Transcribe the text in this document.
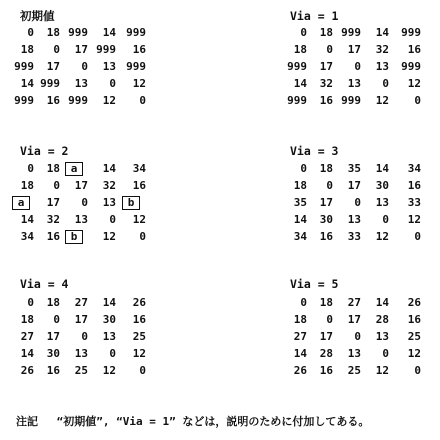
初期値
0	18	999	14	999
18	0	17	999	16
999	17	0	13	999
14	999	13	0	12
999	16	999	12	0
Via = 1
0	18	999	14	999
18	0	17	32	16
999	17	0	13	999
14	32	13	0	12
999	16	999	12	0
Via = 2
0	18	a	14	34
18	0	17	32	16
a	17	0	13	b
14	32	13	0	12
34	16	b	12	0
Via = 3
0	18	35	14	34
18	0	17	30	16
35	17	0	13	33
14	30	13	0	12
34	16	33	12	0
Via = 4
0	18	27	14	26
18	0	17	30	16
27	17	0	13	25
14	30	13	0	12
26	16	25	12	0
Via = 5
0	18	27	14	26
18	0	17	28	16
27	17	0	13	25
14	28	13	0	12
26	16	25	12	0
注記 “初期値”, “Via = 1” などは，説明のために付加してある。
